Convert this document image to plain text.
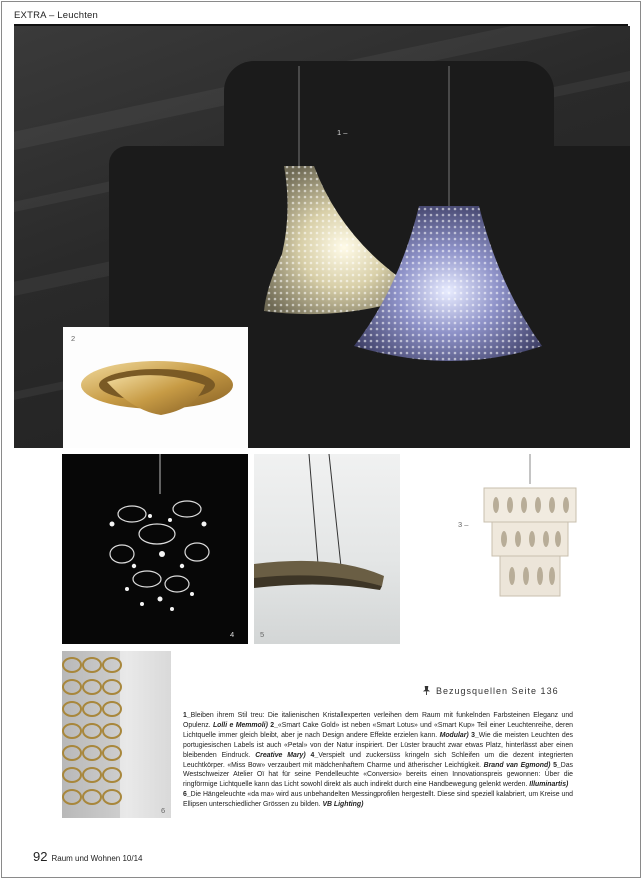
EXTRA – Leuchten
1 –
2
4	5
3 –
6
Bezugsquellen Seite 136
1_Bleiben ihrem Stil treu: Die italienischen Kristallexperten verleihen dem Raum mit funkelnden Farbsteinen Eleganz und Opulenz. Lolli e Memmoli) 2_«Smart Cake Gold» ist neben «Smart Lotus» und «Smart Kup» Teil einer Leuchtenreihe, deren Lichtquelle immer gleich bleibt, aber je nach Design andere Effekte erzielen kann. Modular) 3_Wie die meisten Leuchten des portugiesischen Labels ist auch «Petal» von der Natur inspiriert. Der Lüster braucht zwar etwas Platz, hinterlässt aber einen bleibenden Eindruck. Creative Mary) 4_Verspielt und zuckersüss kringeln sich Schleifen um die dezent integrierten Leuchtkörper. «Miss Bow» verzaubert mit mädchenhaftem Charme und ätherischer Leichtigkeit. Brand van Egmond) 5_Das Westschweizer Atelier Oï hat für seine Pendelleuchte «Conversio» bereits einen Innovationspreis gewonnen: Über die ringförmige Lichtquelle kann das Licht sowohl direkt als auch indirekt durch eine Handbewegung gelenkt werden. Illuminartis)
6_Die Hängeleuchte «da ma» wird aus unbehandelten Messingprofilen hergestellt. Diese sind speziell kalabriert, um Kreise und Ellipsen unterschiedlicher Grössen zu bilden. VB Lighting)
92 Raum und Wohnen 10/14
